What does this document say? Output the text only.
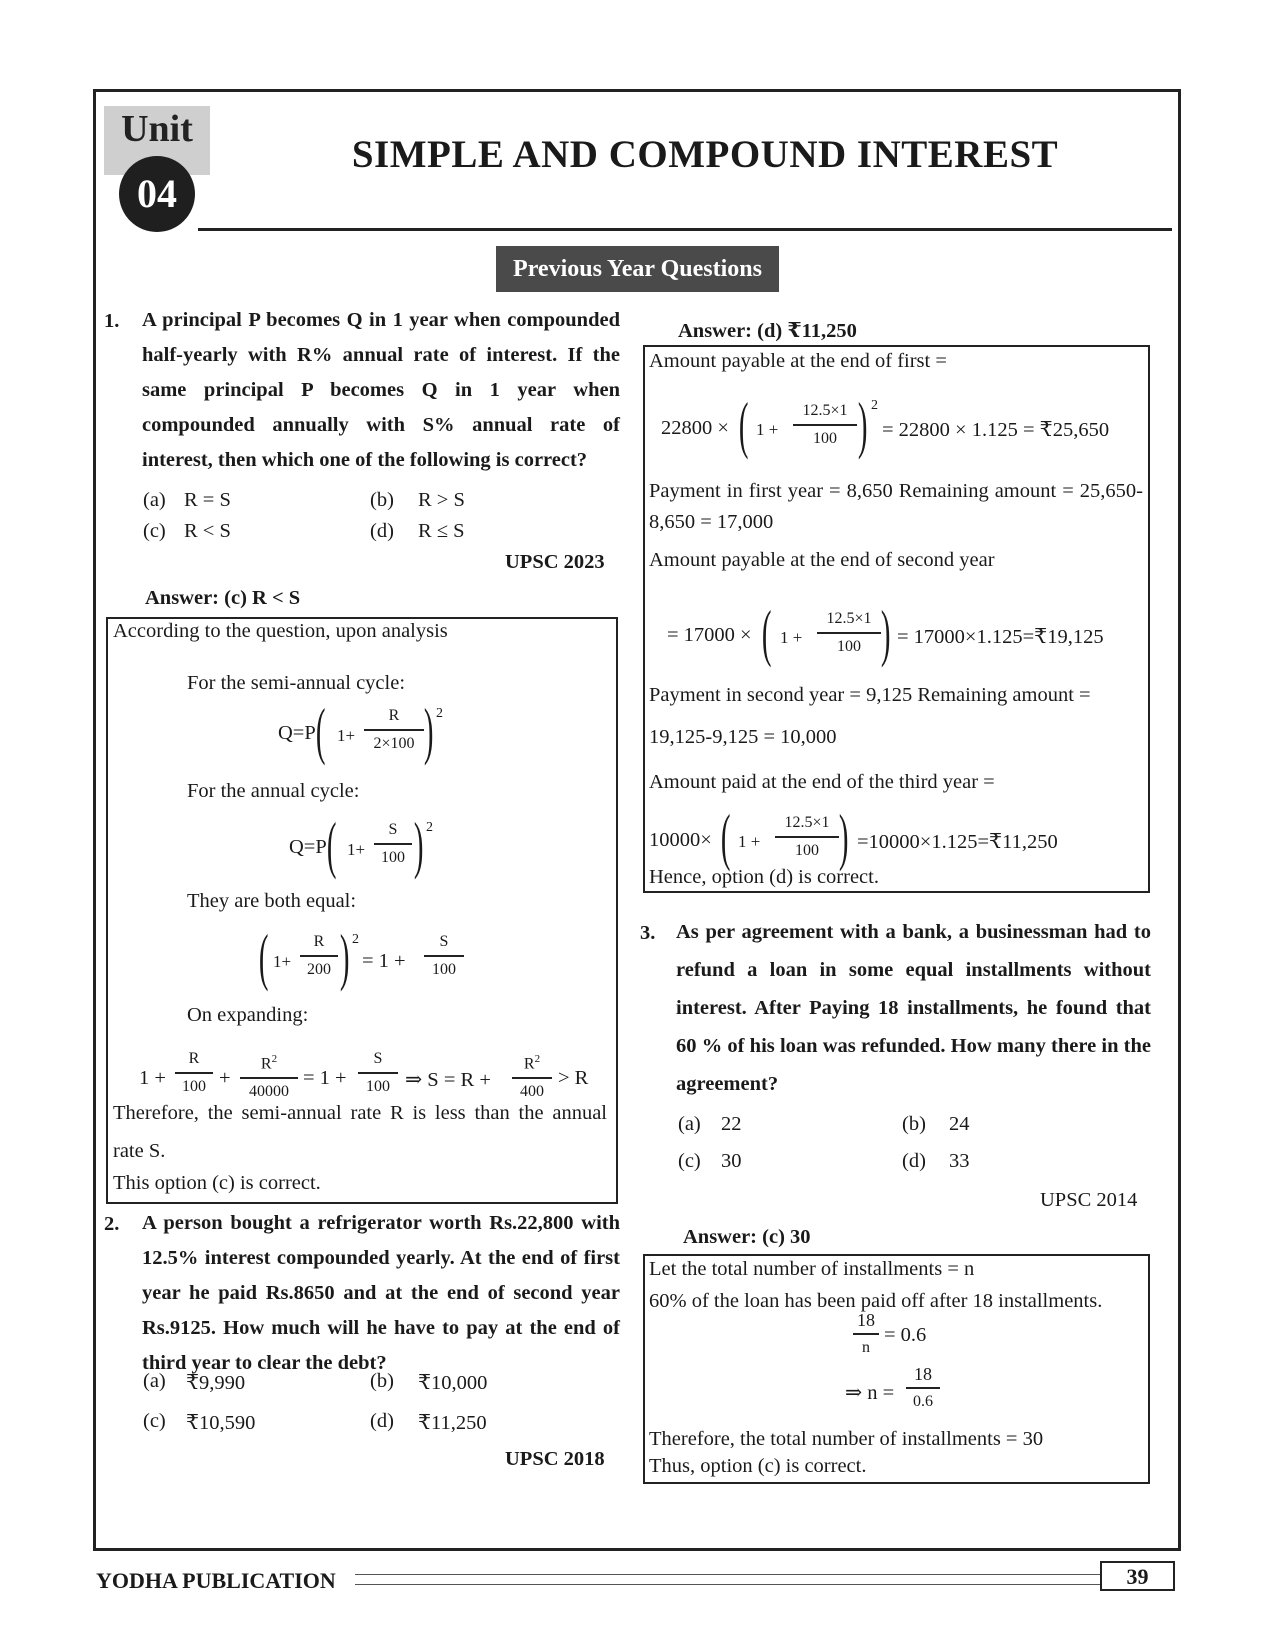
Unit
04
SIMPLE AND COMPOUND INTEREST
Previous Year Questions
1. A principal P becomes Q in 1 year when compounded half-yearly with R% annual rate of interest. If the same principal P becomes Q in 1 year when compounded annually with S% annual rate of interest, then which one of the following is correct?
(a) R = S	(b) R > S
(c) R < S	(d) R ≤ S
UPSC 2023
Answer: (c) R < S
According to the question, upon analysis
For the semi-annual cycle:
Q=P ( 1+
R
2×100 ) 2
For the annual cycle:
Q=P ( 1+
S
100 ) 2
They are both equal:
( 1+
R
200 ) 2
= 1 +
S
100
On expanding:
1 +
R
100 +
$R^2$
40000
= 1 +
S
100 ⇒ S = R +
$R^2$
400
> R
Therefore, the semi-annual rate R is less than the annual rate S.
This option (c) is correct.
2. A person bought a refrigerator worth Rs.22,800 with 12.5% interest compounded yearly. At the end of first year he paid Rs.8650 and at the end of second year Rs.9125. How much will he have to pay at the end of third year to clear the debt?
(a) ₹9,990	(b) ₹10,000
(c) ₹10,590	(d) ₹11,250
UPSC 2018
Answer: (d) ₹11,250
Amount payable at the end of first =
22800 × ( 1 +
12.5×1
100 ) 2
= 22800 × 1.125 = ₹25,650
Payment in first year = 8,650 Remaining amount = 25,650-8,650 = 17,000
Amount payable at the end of second year
= 17000 × ( 1 +
12.5×1
100 ) = 17000×1.125=₹19,125
Payment in second year = 9,125 Remaining amount =
19,125-9,125 = 10,000
Amount paid at the end of the third year =
10000× ( 1 +
12.5×1
100 ) =10000×1.125=₹11,250
Hence, option (d) is correct.
3. As per agreement with a bank, a businessman had to refund a loan in some equal installments without interest. After Paying 18 installments, he found that 60 % of his loan was refunded. How many there in the agreement?
(a) 22	(b) 24
(c) 30	(d) 33
UPSC 2014
Answer: (c) 30
Let the total number of installments = n
60% of the loan has been paid off after 18 installments.
18
n
= 0.6
⇒ n =
18
0.6
Therefore, the total number of installments = 30
Thus, option (c) is correct.
YODHA PUBLICATION	39
